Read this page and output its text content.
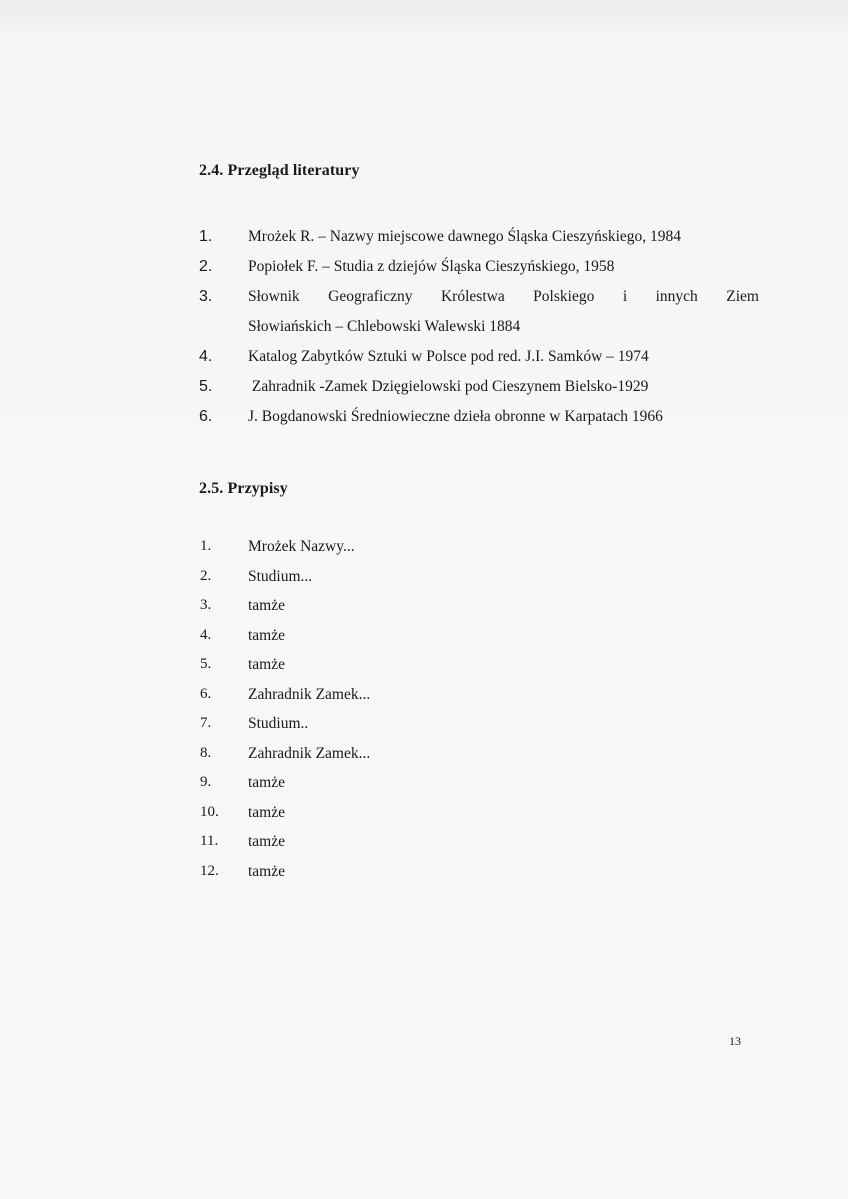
2.4. Przegląd literatury
1. Mrożek R. – Nazwy miejscowe dawnego Śląska Cieszyńskiego, 1984
2. Popiołek F. – Studia z dziejów Śląska Cieszyńskiego, 1958
3. Słownik Geograficzny Królestwa Polskiego i innych Ziem
Słowiańskich – Chlebowski Walewski 1884
4. Katalog Zabytków Sztuki w Polsce pod red. J.I. Samków – 1974
5. Zahradnik -Zamek Dzięgielowski pod Cieszynem Bielsko-1929
6. J. Bogdanowski Średniowieczne dzieła obronne w Karpatach 1966
2.5. Przypisy
1. Mrożek Nazwy...
2. Studium...
3. tamże
4. tamże
5. tamże
6. Zahradnik Zamek...
7. Studium..
8. Zahradnik Zamek...
9. tamże
10. tamże
11. tamże
12. tamże
13
